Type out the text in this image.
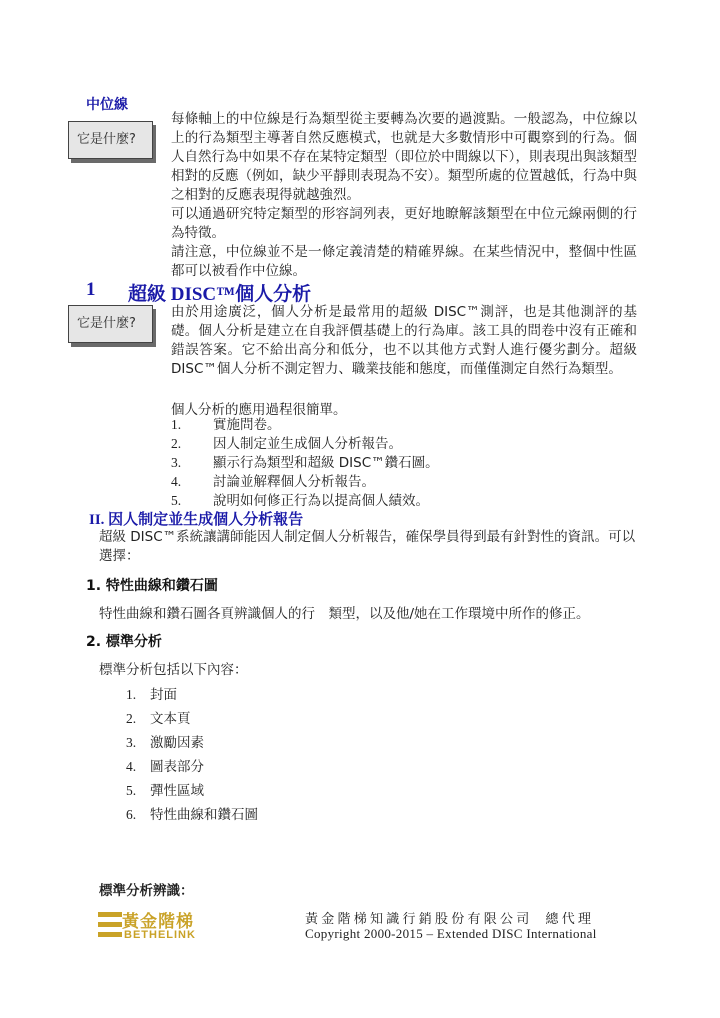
中位線
它是什麼?

每條軸上的中位線是行為類型從主要轉為次要的過渡點。一般認為，中位線以上的行為類型主導著自然反應模式，也就是大多數情形中可觀察到的行為。個人自然行為中如果不存在某特定類型（即位於中間線以下），則表現出與該類型相對的反應（例如，缺少平靜則表現為不安）。類型所處的位置越低，行為中與之相對的反應表現得就越強烈。

可以通過研究特定類型的形容詞列表，更好地瞭解該類型在中位元線兩側的行為特徵。

請注意，中位線並不是一條定義清楚的精確界線。在某些情況中，整個中性區都可以被看作中位線。

1 超級 DISC™個人分析
它是什麼?

由於用途廣泛，個人分析是最常用的超級 DISC™測評，也是其他測評的基礎。個人分析是建立在自我評價基礎上的行為庫。該工具的問卷中沒有正確和錯誤答案。它不給出高分和低分，也不以其他方式對人進行優劣劃分。超級 DISC™個人分析不測定智力、職業技能和態度，而僅僅測定自然行為類型。

個人分析的應用過程很簡單。
1. 實施問卷。
2. 因人制定並生成個人分析報告。
3. 顯示行為類型和超級 DISC™鑽石圖。
4. 討論並解釋個人分析報告。
5. 說明如何修正行為以提高個人績效。
II. 因人制定並生成個人分析報告

超級 DISC™系統讓講師能因人制定個人分析報告，確保學員得到最有針對性的資訊。可以選擇：

1. 特性曲線和鑽石圖
特性曲線和鑽石圖各頁辨識個人的行　類型，以及他/她在工作環境中所作的修正。
2. 標準分析
標準分析包括以下內容：
1. 封面
2. 文本頁
3. 激勵因素
4. 圖表部分
5. 彈性區域
6. 特性曲線和鑽石圖
標準分析辨識：
黃金階梯
BETHELINK
黃 金 階 梯 知 識 行 銷 股 份 有 限 公 司　 總 代 理
Copyright 2000-2015 – Extended DISC International
